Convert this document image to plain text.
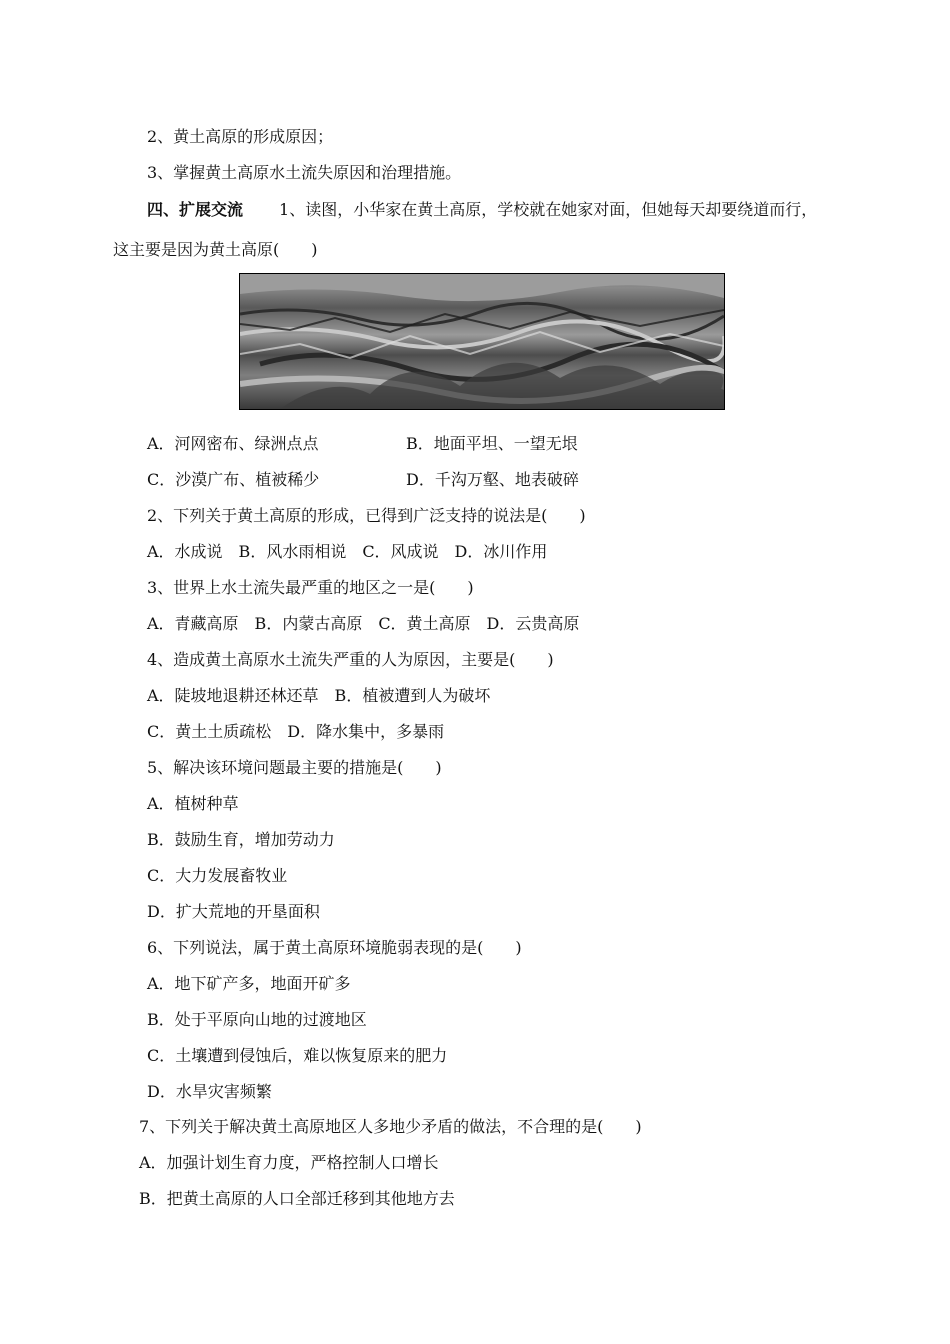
2、黄土高原的形成原因；
3、掌握黄土高原水土流失原因和治理措施。
四、扩展交流 1、读图，小华家在黄土高原，学校就在她家对面，但她每天却要绕道而行，
这主要是因为黄土高原(　　)
A．河网密布、绿洲点点	B．地面平坦、一望无垠
C．沙漠广布、植被稀少	D．千沟万壑、地表破碎
2、下列关于黄土高原的形成，已得到广泛支持的说法是(　　)
A．水成说　B．风水雨相说　C．风成说　D．冰川作用
3、世界上水土流失最严重的地区之一是(　　)
A．青藏高原　B．内蒙古高原　C．黄土高原　D．云贵高原
4、造成黄土高原水土流失严重的人为原因，主要是(　　)
A．陡坡地退耕还林还草　B．植被遭到人为破坏
C．黄土土质疏松　D．降水集中，多暴雨
5、解决该环境问题最主要的措施是(　　)
A．植树种草
B．鼓励生育，增加劳动力
C．大力发展畜牧业
D．扩大荒地的开垦面积
6、下列说法，属于黄土高原环境脆弱表现的是(　　)
A．地下矿产多，地面开矿多
B．处于平原向山地的过渡地区
C．土壤遭到侵蚀后，难以恢复原来的肥力
D．水旱灾害频繁
7、下列关于解决黄土高原地区人多地少矛盾的做法，不合理的是(　　)
A．加强计划生育力度，严格控制人口增长
B．把黄土高原的人口全部迁移到其他地方去
